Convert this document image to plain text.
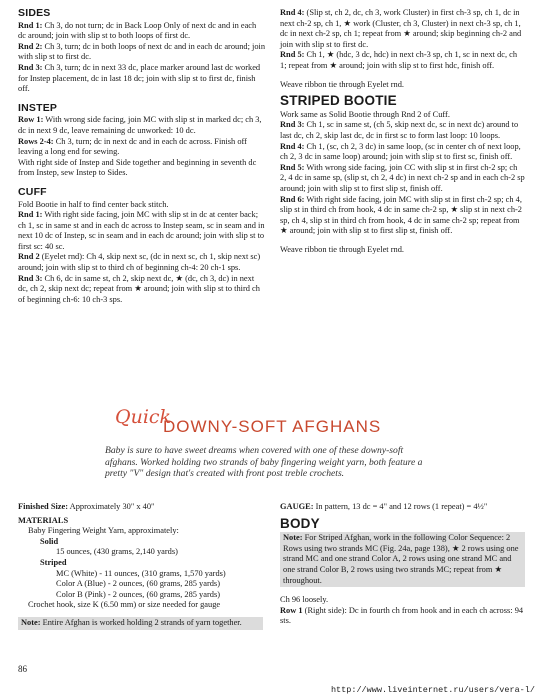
SIDES

Rnd 1: Ch 3, do not turn; dc in Back Loop Only of next dc and in each dc around; join with slip st to both loops of first dc.

Rnd 2: Ch 3, turn; dc in both loops of next dc and in each dc around; join with slip st to first dc.

Rnd 3: Ch 3, turn; dc in next 33 dc, place marker around last dc worked for Instep placement, dc in last 18 dc; join with slip st to first dc, finish off.

INSTEP

Row 1: With wrong side facing, join MC with slip st in marked dc; ch 3, dc in next 9 dc, leave remaining dc unworked: 10 dc.

Rows 2-4: Ch 3, turn; dc in next dc and in each dc across. Finish off leaving a long end for sewing.

With right side of Instep and Side together and beginning in seventh dc from Instep, sew Instep to Sides.

CUFF

Fold Bootie in half to find center back stitch.

Rnd 1: With right side facing, join MC with slip st in dc at center back; ch 1, sc in same st and in each dc across to Instep seam, sc in seam and in next 10 dc of Instep, sc in seam and in each dc around; join with slip st to first sc: 40 sc.

Rnd 2 (Eyelet rnd): Ch 4, skip next sc, (dc in next sc, ch 1, skip next sc) around; join with slip st to third ch of beginning ch-4: 20 ch-1 sps.

Rnd 3: Ch 6, dc in same st, ch 2, skip next dc, ★ (dc, ch 3, dc) in next dc, ch 2, skip next dc; repeat from ★ around; join with slip st to third ch of beginning ch-6: 10 ch-3 sps.

Rnd 4: (Slip st, ch 2, dc, ch 3, work Cluster) in first ch-3 sp, ch 1, dc in next ch-2 sp, ch 1, ★ work (Cluster, ch 3, Cluster) in next ch-3 sp, ch 1, dc in next ch-2 sp, ch 1; repeat from ★ around; skip beginning ch-2 and join with slip st to first dc.

Rnd 5: Ch 1, ★ (hdc, 3 dc, hdc) in next ch-3 sp, ch 1, sc in next dc, ch 1; repeat from ★ around; join with slip st to first hdc, finish off.

Weave ribbon tie through Eyelet rnd.

STRIPED BOOTIE

Work same as Solid Bootie through Rnd 2 of Cuff.

Rnd 3: Ch 1, sc in same st, (ch 5, skip next dc, sc in next dc) around to last dc, ch 2, skip last dc, dc in first sc to form last loop: 10 loops.

Rnd 4: Ch 1, (sc, ch 2, 3 dc) in same loop, (sc in center ch of next loop, ch 2, 3 dc in same loop) around; join with slip st to first sc, finish off.

Rnd 5: With wrong side facing, join CC with slip st in first ch-2 sp; ch 2, 4 dc in same sp, (slip st, ch 2, 4 dc) in next ch-2 sp and in each ch-2 sp around; join with slip st to first slip st, finish off.

Rnd 6: With right side facing, join MC with slip st in first ch-2 sp; ch 4, slip st in third ch from hook, 4 dc in same ch-2 sp, ★ slip st in next ch-2 sp, ch 4, slip st in third ch from hook, 4 dc in same ch-2 sp; repeat from ★ around; join with slip st to first slip st, finish off.

Weave ribbon tie through Eyelet rnd.

Quick
DOWNY-SOFT AFGHANS
Baby is sure to have sweet dreams when covered with one of these downy-soft afghans. Worked holding two strands of baby fingering weight yarn, both feature a pretty "V" design that's created with front post treble crochets.

Finished Size: Approximately 30" x 40"

MATERIALS

Baby Fingering Weight Yarn, approximately:

Solid

15 ounces, (430 grams, 2,140 yards)

Striped

MC (White) - 11 ounces, (310 grams, 1,570 yards)

Color A (Blue) - 2 ounces, (60 grams, 285 yards)

Color B (Pink) - 2 ounces, (60 grams, 285 yards)

Crochet hook, size K (6.50 mm) or size needed for gauge

Note: Entire Afghan is worked holding 2 strands of yarn together.

GAUGE: In pattern, 13 dc = 4" and 12 rows (1 repeat) = 4½"

BODY

Note: For Striped Afghan, work in the following Color Sequence: 2 Rows using two strands MC (Fig. 24a, page 138), ★ 2 rows using one strand MC and one strand Color A, 2 rows using one strand MC and one strand Color B, 2 rows using two strands MC; repeat from ★ throughout.

Ch 96 loosely.

Row 1 (Right side): Dc in fourth ch from hook and in each ch across: 94 sts.

86
http://www.liveinternet.ru/users/vera-l/
